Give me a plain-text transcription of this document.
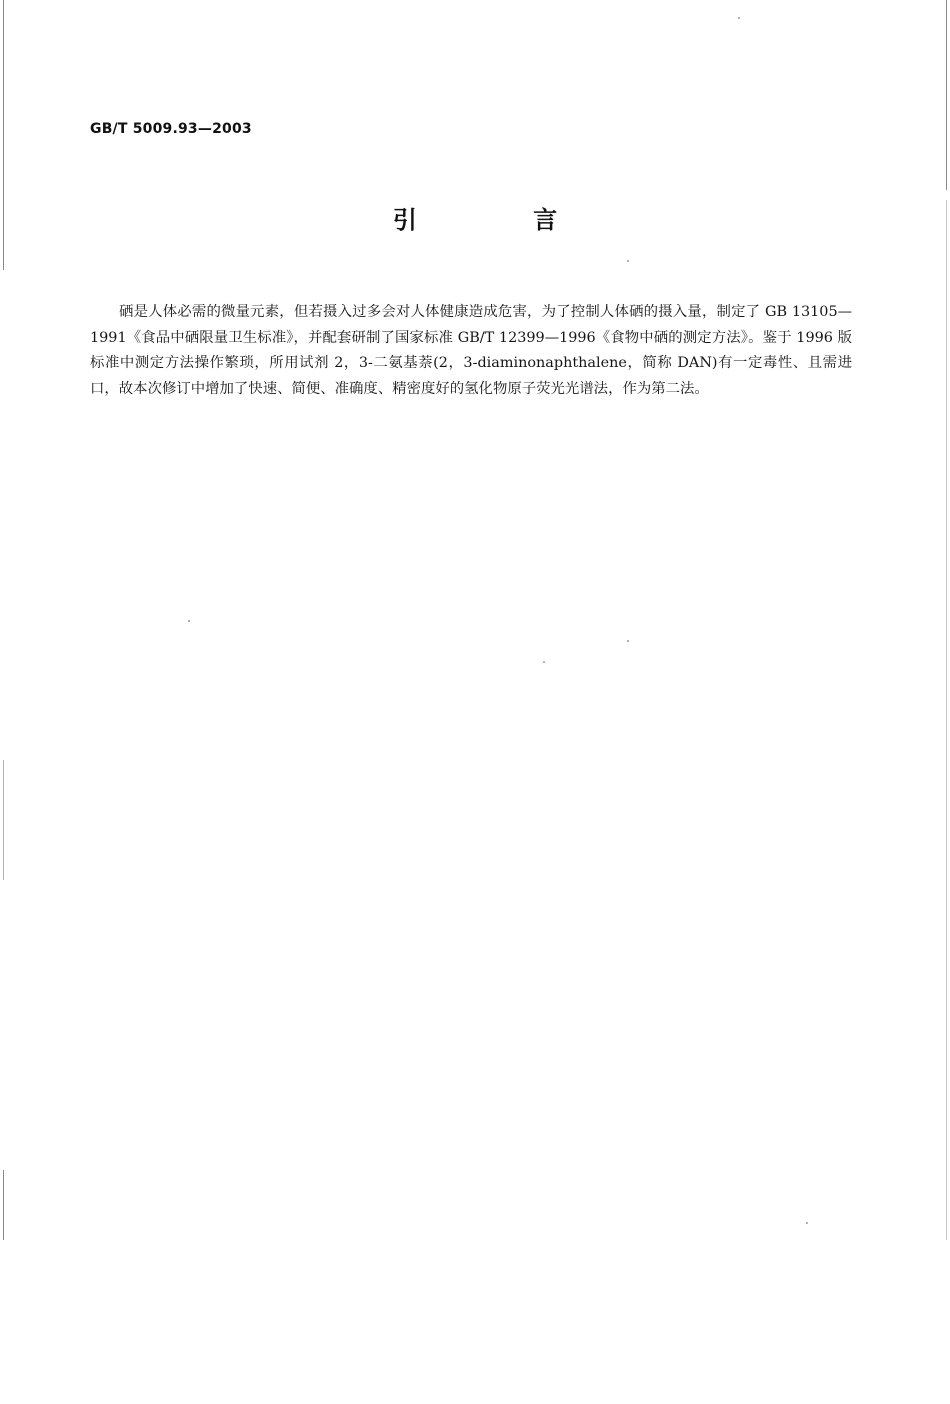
GB/T 5009.93—2003
引 言

硒是人体必需的微量元素，但若摄入过多会对人体健康造成危害，为了控制人体硒的摄入量，制定了 GB 13105—1991《食品中硒限量卫生标准》，并配套研制了国家标准 GB/T 12399—1996《食物中硒的测定方法》。鉴于 1996 版标准中测定方法操作繁琐，所用试剂 2，3-二氨基萘(2，3-diaminonaphthalene，简称 DAN)有一定毒性、且需进口，故本次修订中增加了快速、简便、准确度、精密度好的氢化物原子荧光光谱法，作为第二法。
